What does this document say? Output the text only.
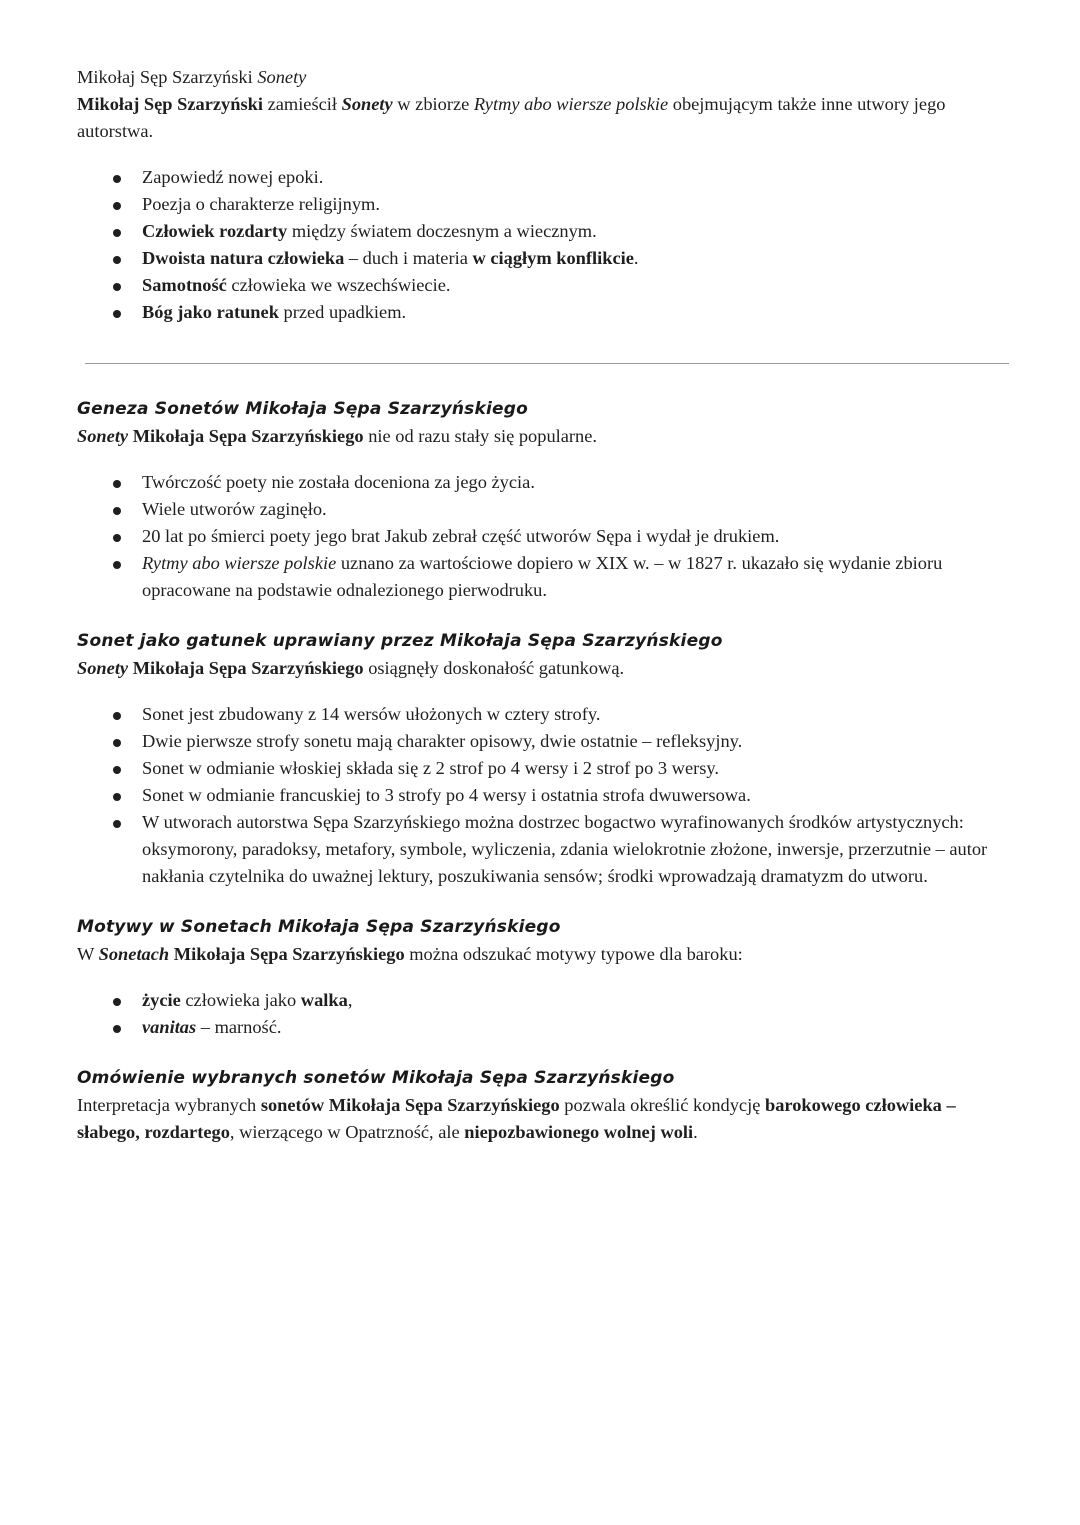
Mikołaj Sęp Szarzyński Sonety

Mikołaj Sęp Szarzyński zamieścił Sonety w zbiorze Rytmy abo wiersze polskie obejmującym także inne utwory jego autorstwa.

Zapowiedź nowej epoki.
Poezja o charakterze religijnym.
Człowiek rozdarty między światem doczesnym a wiecznym.
Dwoista natura człowieka – duch i materia w ciągłym konflikcie.
Samotność człowieka we wszechświecie.
Bóg jako ratunek przed upadkiem.
Geneza Sonetów Mikołaja Sępa Szarzyńskiego

Sonety Mikołaja Sępa Szarzyńskiego nie od razu stały się popularne.

Twórczość poety nie została doceniona za jego życia.
Wiele utworów zaginęło.
20 lat po śmierci poety jego brat Jakub zebrał część utworów Sępa i wydał je drukiem.
Rytmy abo wiersze polskie uznano za wartościowe dopiero w XIX w. – w 1827 r. ukazało się wydanie zbioru opracowane na podstawie odnalezionego pierwodruku.
Sonet jako gatunek uprawiany przez Mikołaja Sępa Szarzyńskiego

Sonety Mikołaja Sępa Szarzyńskiego osiągnęły doskonałość gatunkową.

Sonet jest zbudowany z 14 wersów ułożonych w cztery strofy.
Dwie pierwsze strofy sonetu mają charakter opisowy, dwie ostatnie – refleksyjny.
Sonet w odmianie włoskiej składa się z 2 strof po 4 wersy i 2 strof po 3 wersy.
Sonet w odmianie francuskiej to 3 strofy po 4 wersy i ostatnia strofa dwuwersowa.
W utworach autorstwa Sępa Szarzyńskiego można dostrzec bogactwo wyrafinowanych środków artystycznych: oksymorony, paradoksy, metafory, symbole, wyliczenia, zdania wielokrotnie złożone, inwersje, przerzutnie – autor nakłania czytelnika do uważnej lektury, poszukiwania sensów; środki wprowadzają dramatyzm do utworu.
Motywy w Sonetach Mikołaja Sępa Szarzyńskiego

W Sonetach Mikołaja Sępa Szarzyńskiego można odszukać motywy typowe dla baroku:

życie człowieka jako walka,
vanitas – marność.
Omówienie wybranych sonetów Mikołaja Sępa Szarzyńskiego

Interpretacja wybranych sonetów Mikołaja Sępa Szarzyńskiego pozwala określić kondycję barokowego człowieka – słabego, rozdartego, wierzącego w Opatrzność, ale niepozbawionego wolnej woli.
